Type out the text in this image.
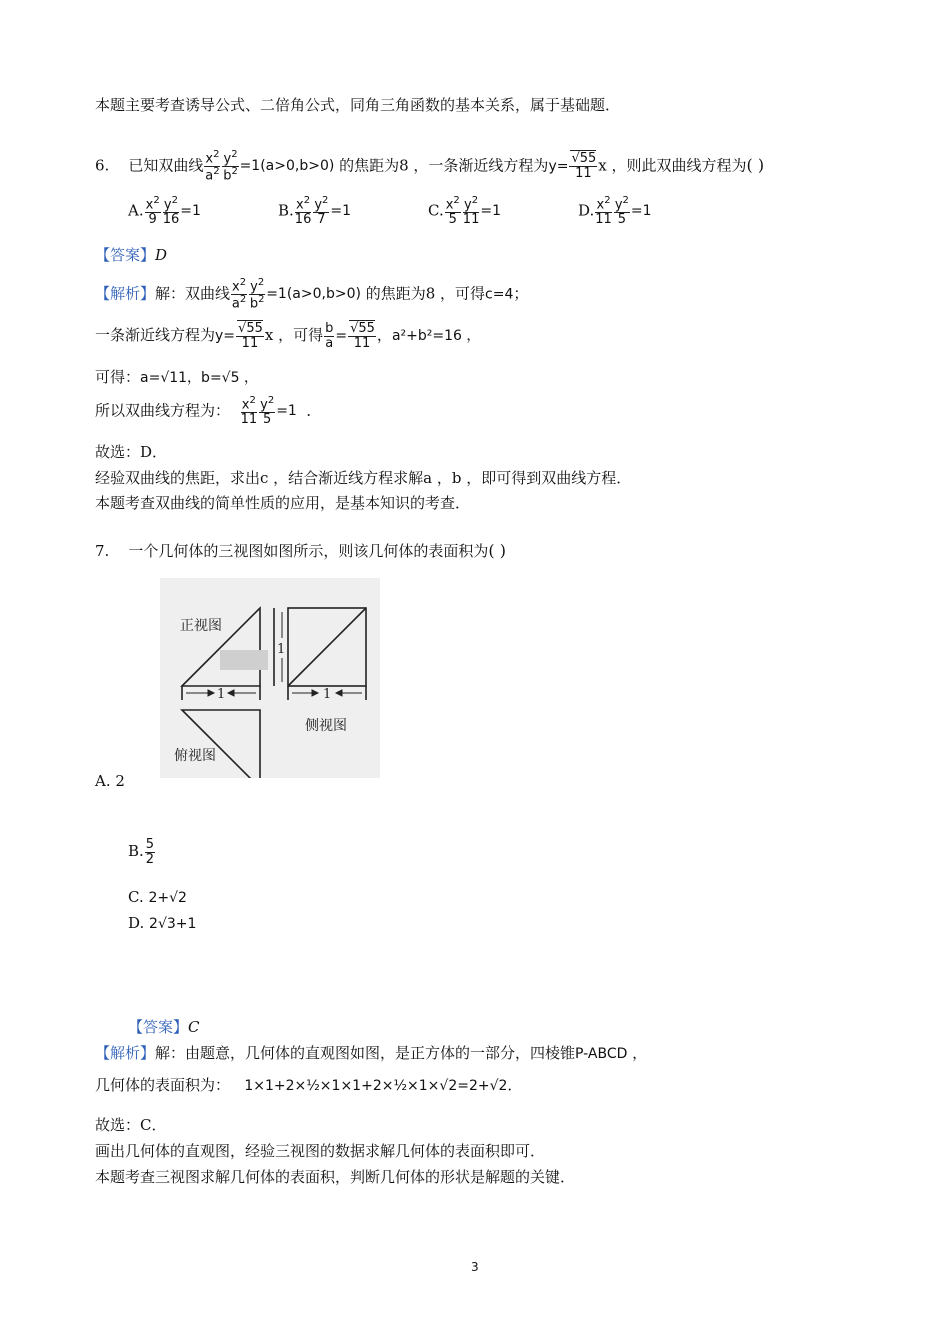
本题主要考查诱导公式、二倍角公式，同角三角函数的基本关系，属于基础题．
6. 已知双曲线 $\frac{x^2}{a^2} \frac{y^2}{b^2} =1(a>0,b>0)$ 的焦距为8 ，一条渐近线方程为$y= \frac{√55}{11}$ x ，则此双曲线方程为( )
A. $\frac{x^2}{9} \frac{y^2}{16} =1$	B. $\frac{x^2}{16} \frac{y^2}{7} =1$	C. $\frac{x^2}{5} \frac{y^2}{11} =1$	D. $\frac{x^2}{11} \frac{y^2}{5} =1$
【答案】D
【解析】解：双曲线 $\frac{x^2}{a^2} \frac{y^2}{b^2} =1(a>0,b>0)$ 的焦距为8 ，可得c=4；
一条渐近线方程为$y= \frac{√55}{11}$ x ，可得 $\frac{b}{a} = \frac{√55}{11}$ ，a²+b²=16 ，
可得：a=√11，b=√5 ，
所以双曲线方程为： $\frac{x^2}{11} \frac{y^2}{5} =1$ ．
故选：D．
经验双曲线的焦距，求出c ，结合渐近线方程求解a ，b ，即可得到双曲线方程．
本题考查双曲线的简单性质的应用，是基本知识的考查．
7. 一个几何体的三视图如图所示，则该几何体的表面积为( )
正视图
侧视图
俯视图
1	1
1
A. 2
B. $\frac{5}{2}$
C. 2+√2
D. 2√3+1
【答案】C
【解析】解：由题意，几何体的直观图如图，是正方体的一部分，四棱锥P-ABCD ，
几何体的表面积为： 1×1+2×½×1×1+2×½×1×√2=2+√2．
故选：C．
画出几何体的直观图，经验三视图的数据求解几何体的表面积即可．
本题考查三视图求解几何体的表面积，判断几何体的形状是解题的关键．
3
